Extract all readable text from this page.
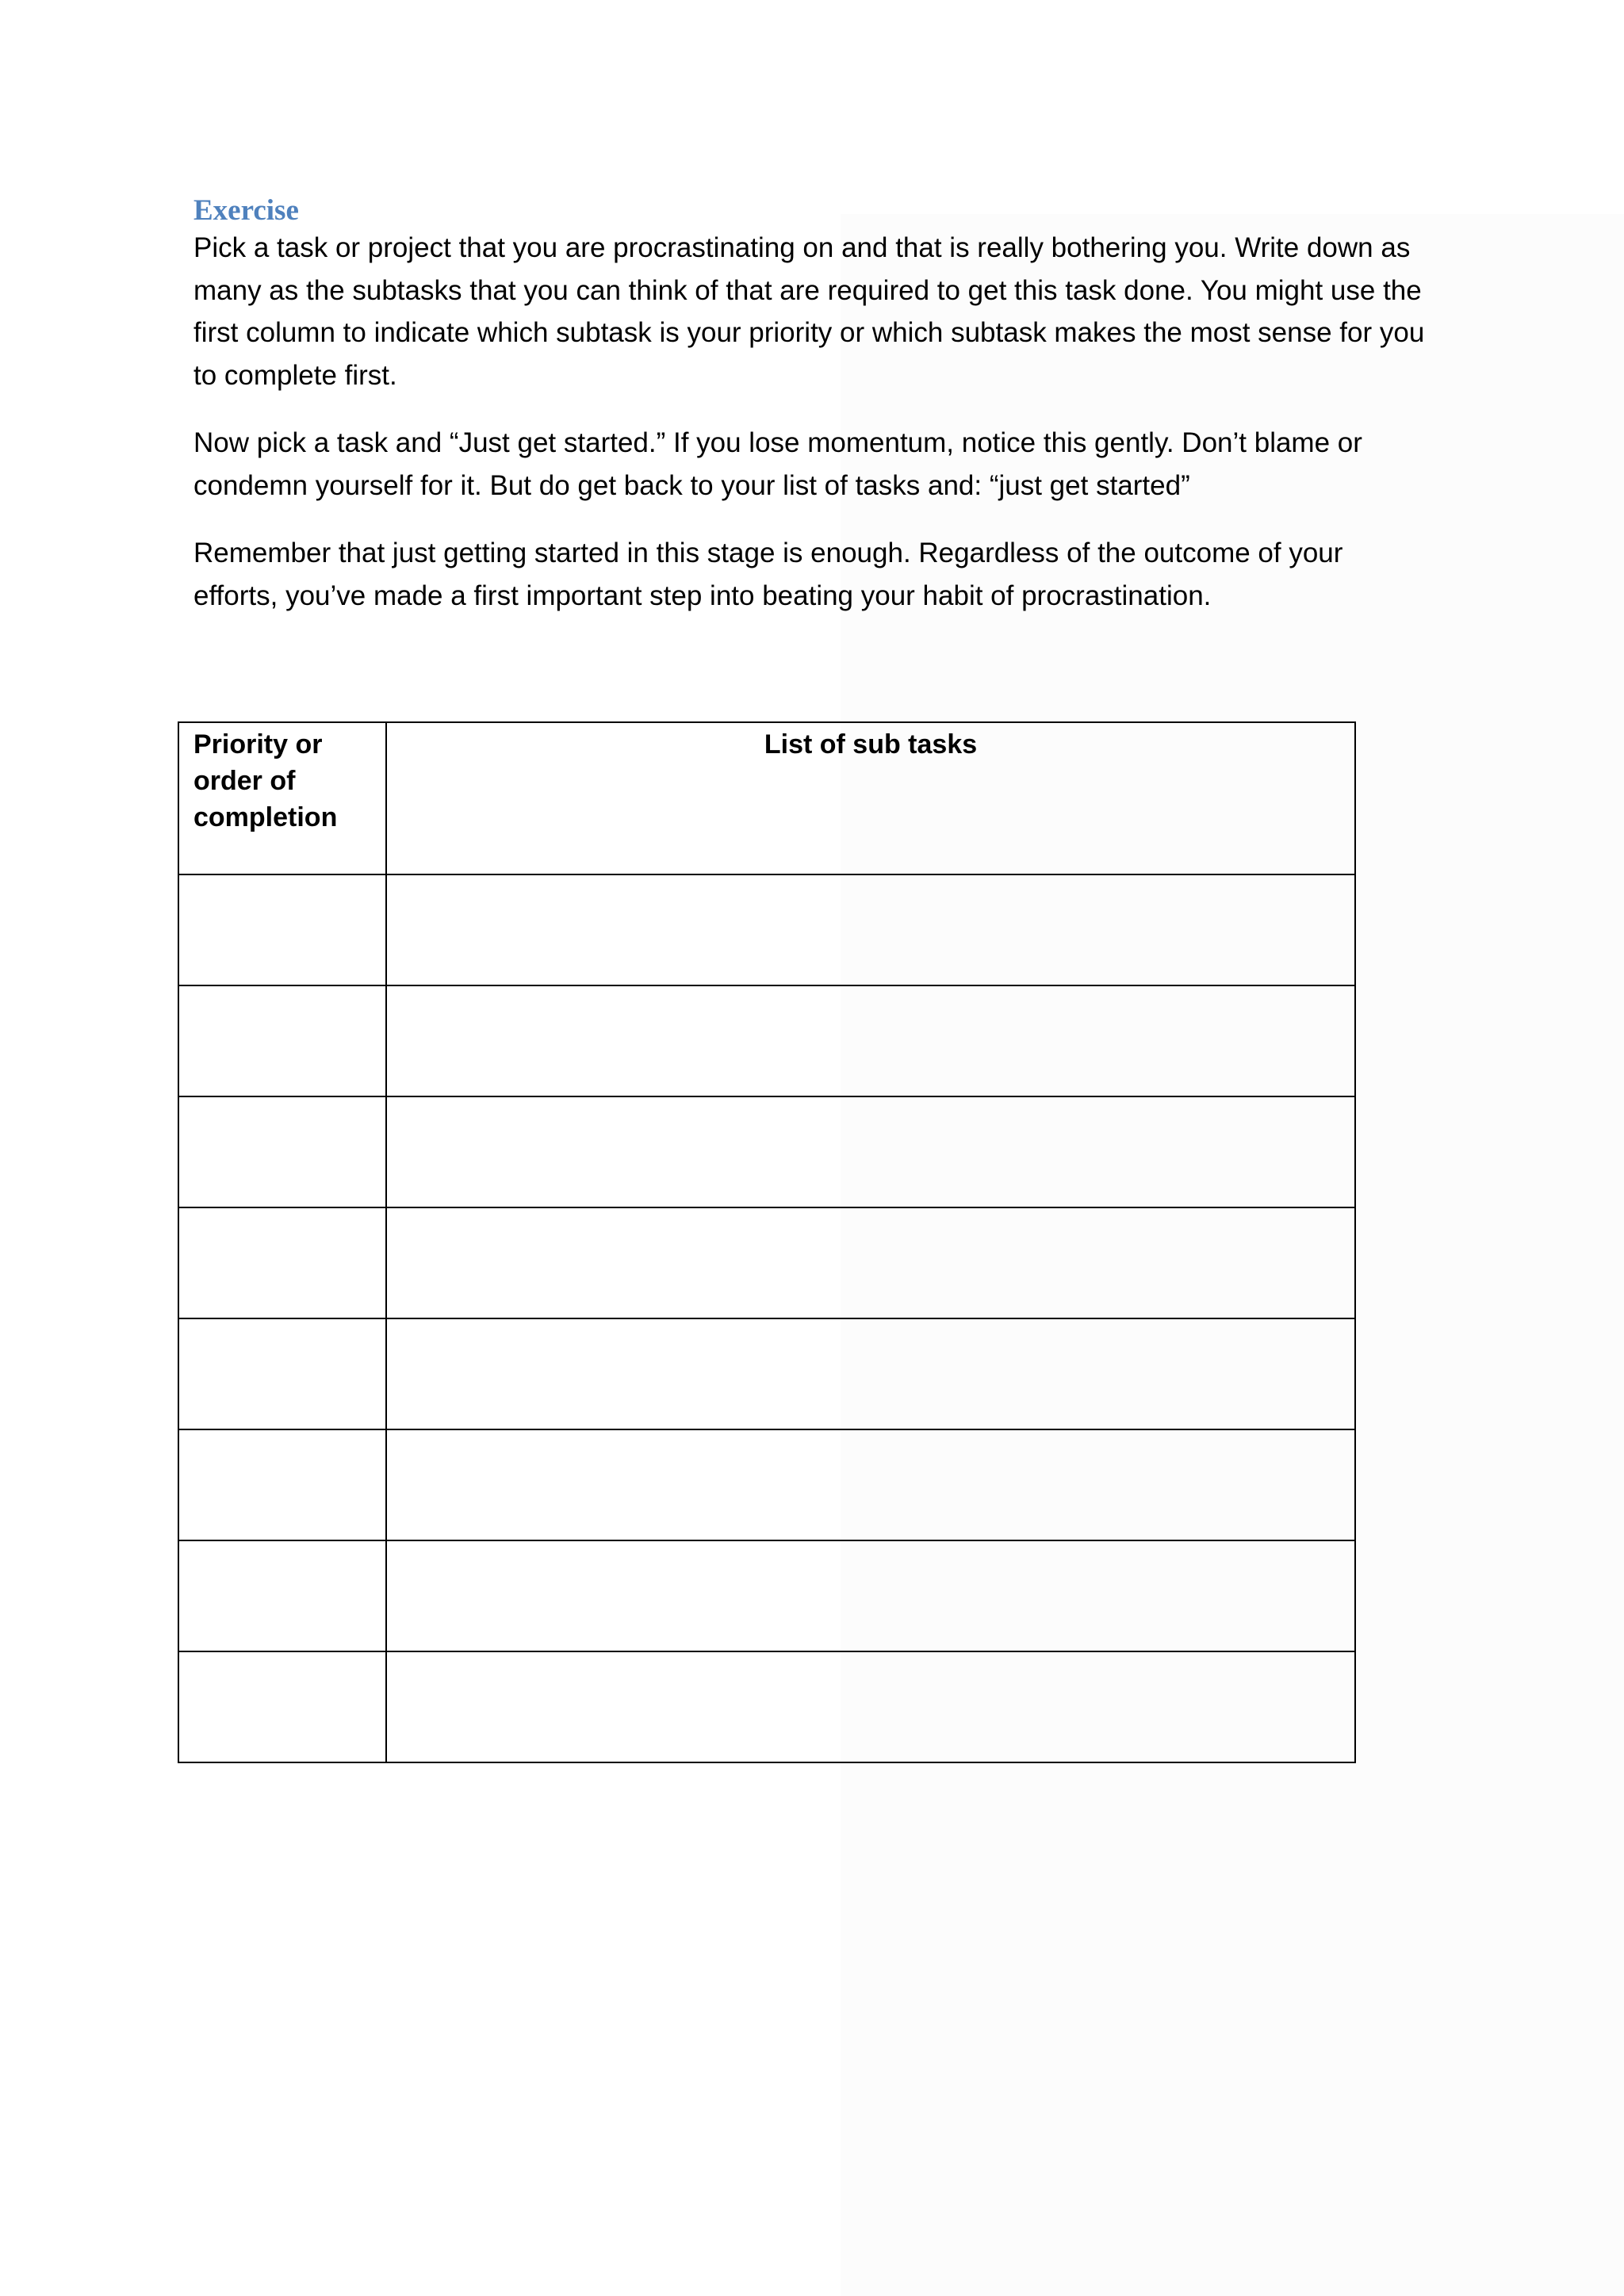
Exercise

Pick a task or project that you are procrastinating on and that is really bothering you. Write down as many as the subtasks that you can think of that are required to get this task done. You might use the first column to indicate which subtask is your priority or which subtask makes the most sense for you to complete first.

Now pick a task and “Just get started.” If you lose momentum, notice this gently. Don’t blame or condemn yourself for it. But do get back to your list of tasks and: “just get started”

Remember that just getting started in this stage is enough. Regardless of the outcome of your efforts, you’ve made a first important step into beating your habit of procrastination.

Priority or order of completion	List of sub tasks
